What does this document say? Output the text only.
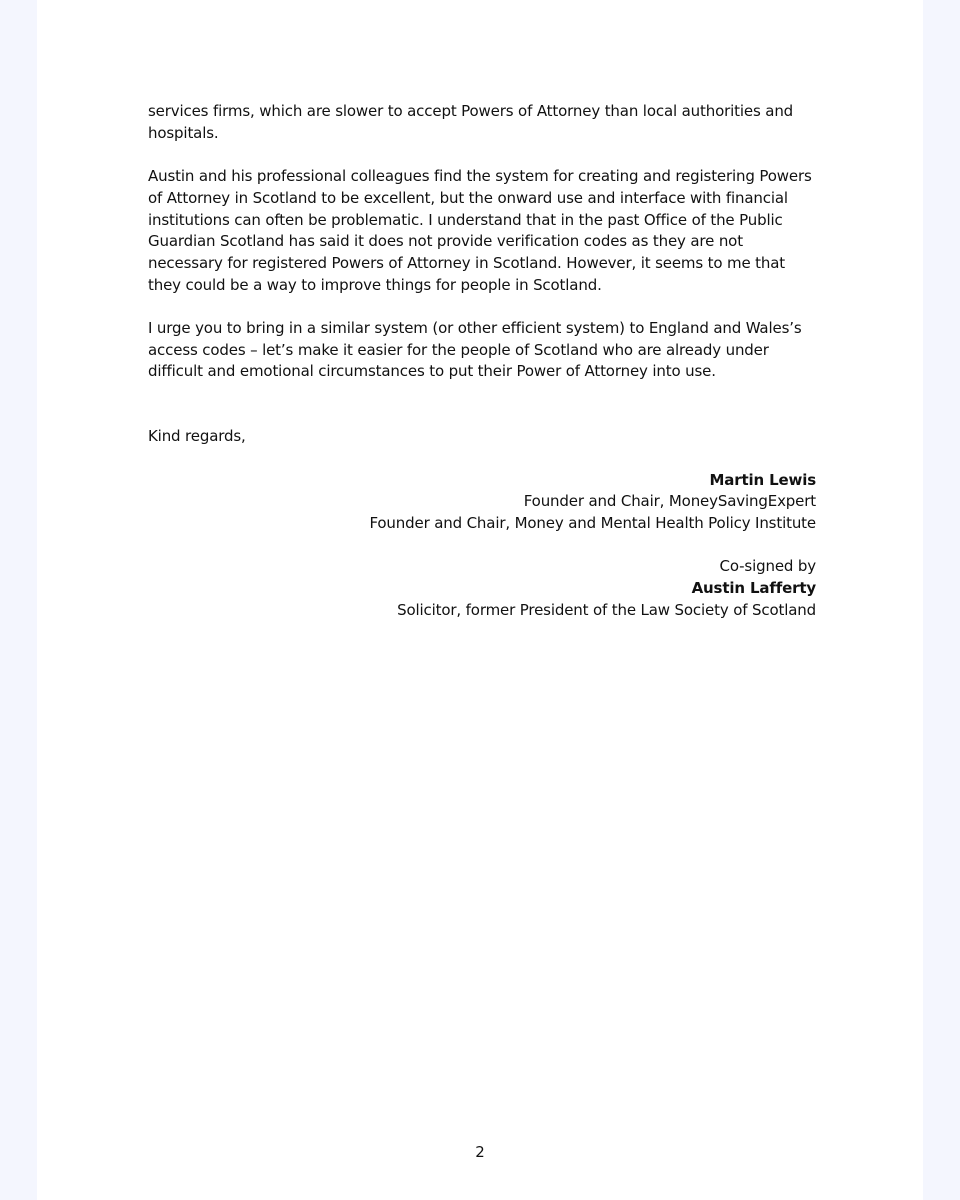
services firms, which are slower to accept Powers of Attorney than local authorities and hospitals.

Austin and his professional colleagues find the system for creating and registering Powers of Attorney in Scotland to be excellent, but the onward use and interface with financial institutions can often be problematic. I understand that in the past Office of the Public Guardian Scotland has said it does not provide verification codes as they are not necessary for registered Powers of Attorney in Scotland. However, it seems to me that they could be a way to improve things for people in Scotland.

I urge you to bring in a similar system (or other efficient system) to England and Wales’s access codes – let’s make it easier for the people of Scotland who are already under difficult and emotional circumstances to put their Power of Attorney into use.

Kind regards,

Martin Lewis
Founder and Chair, MoneySavingExpert
Founder and Chair, Money and Mental Health Policy Institute
Co-signed by
Austin Lafferty
Solicitor, former President of the Law Society of Scotland
2
